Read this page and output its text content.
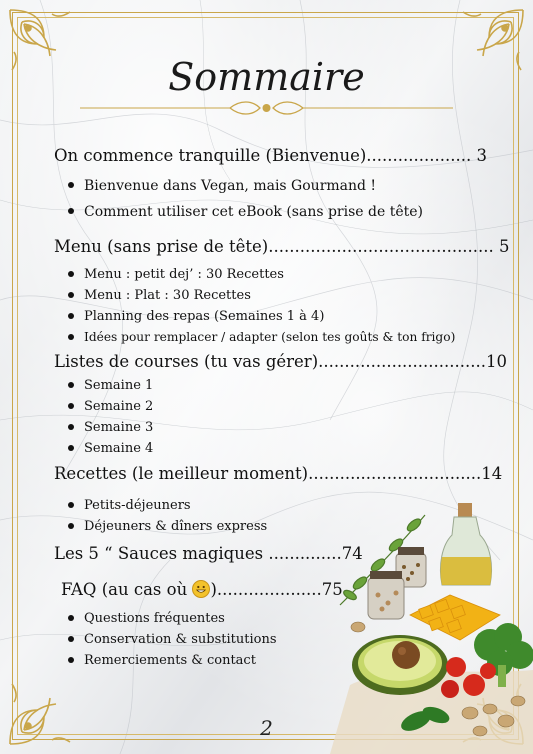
Sommaire
On commence tranquille (Bienvenue).................... 3
Bienvenue dans Vegan, mais Gourmand !
Comment utiliser cet eBook (sans prise de tête)
Menu (sans prise de tête)........................................... 5
Menu : petit dej’ : 30 Recettes
Menu : Plat : 30 Recettes
Planning des repas (Semaines 1 à 4)
Idées pour remplacer / adapter (selon tes goûts & ton frigo)
Listes de courses (tu vas gérer)................................10
Semaine 1
Semaine 2
Semaine 3
Semaine 4
Recettes (le meilleur moment).................................14
Petits-déjeuners
Déjeuners & dîners express
Les 5 “ Sauces magiques ..............74
FAQ (au cas où
)....................75
Questions fréquentes
Conservation & substitutions
Remerciements & contact
2
